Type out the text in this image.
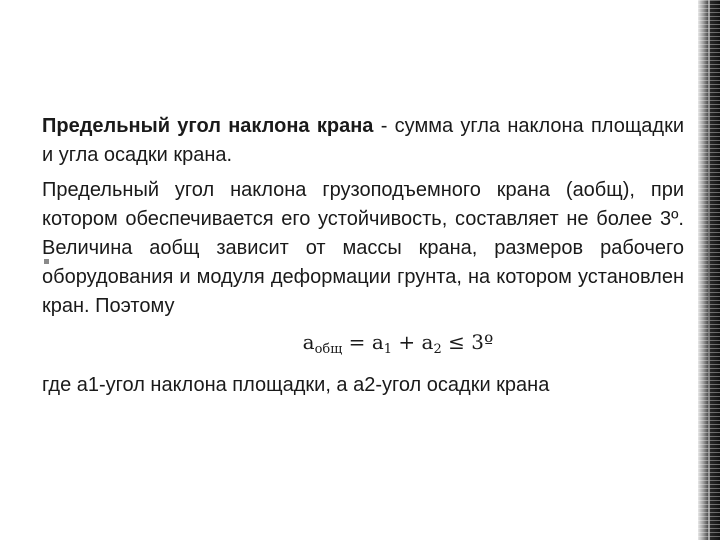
Предельный угол наклона крана - сумма угла наклона площадки и угла осадки крана.

Предельный угол наклона грузоподъемного крана (аобщ), при котором обеспечивается его устойчивость, составляет не более 3º. Величина аобщ зависит от массы крана, размеров рабочего оборудования и модуля деформации грунта, на котором установлен кран. Поэтому

$a_{общ} = a_1 + a_2$ ≤ 3º

где а1-угол наклона площадки, а а2-угол осадки крана
